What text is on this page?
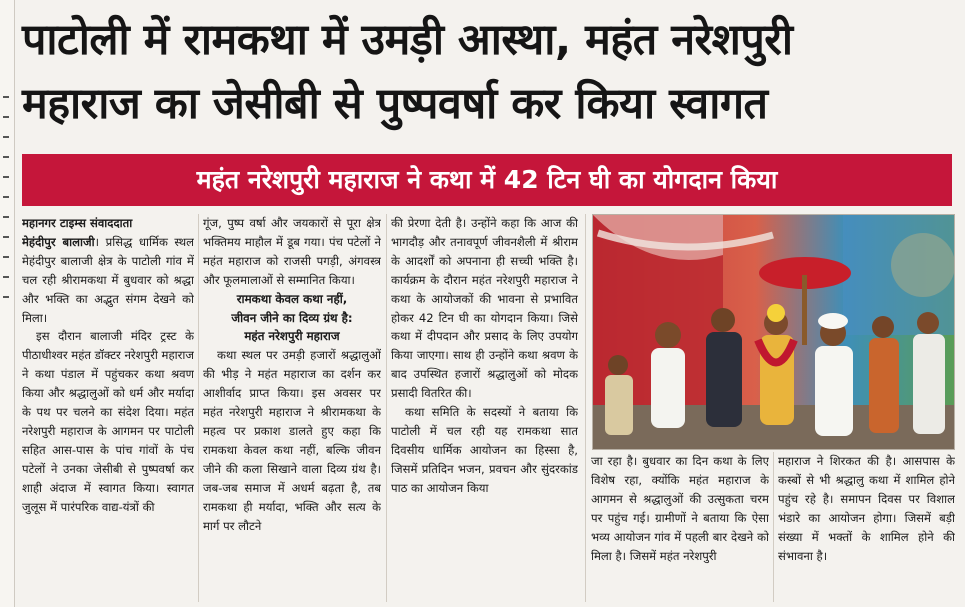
पाटोली में रामकथा में उमड़ी आस्था, महंत नरेशपुरी
महाराज का जेसीबी से पुष्पवर्षा कर किया स्वागत
महंत नरेशपुरी महाराज ने कथा में 42 टिन घी का योगदान किया

महानगर टाइम्स संवाददाता
मेहंदीपुर बालाजी। प्रसिद्ध धार्मिक स्थल मेहंदीपुर बालाजी क्षेत्र के पाटोली गांव में चल रही श्रीरामकथा में बुधवार को श्रद्धा और भक्ति का अद्भुत संगम देखने को मिला।

इस दौरान बालाजी मंदिर ट्रस्ट के पीठाधीश्वर महंत डॉक्टर नरेशपुरी महाराज ने कथा पंडाल में पहुंचकर कथा श्रवण किया और श्रद्धालुओं को धर्म और मर्यादा के पथ पर चलने का संदेश दिया। महंत नरेशपुरी महाराज के आगमन पर पाटोली सहित आस-पास के पांच गांवों के पंच पटेलों ने उनका जेसीबी से पुष्पवर्षा कर शाही अंदाज में स्वागत किया। स्वागत जुलूस में पारंपरिक वाद्य-यंत्रों की

गूंज, पुष्प वर्षा और जयकारों से पूरा क्षेत्र भक्तिमय माहौल में डूब गया। पंच पटेलों ने महंत महाराज को राजसी पगड़ी, अंगवस्त्र और फूलमालाओं से सम्मानित किया।

रामकथा केवल कथा नहीं,
जीवन जीने का दिव्य ग्रंथ है:
महंत नरेशपुरी महाराज

कथा स्थल पर उमड़ी हजारों श्रद्धालुओं की भीड़ ने महंत महाराज का दर्शन कर आशीर्वाद प्राप्त किया। इस अवसर पर महंत नरेशपुरी महाराज ने श्रीरामकथा के महत्व पर प्रकाश डालते हुए कहा कि रामकथा केवल कथा नहीं, बल्कि जीवन जीने की कला सिखाने वाला दिव्य ग्रंथ है। जब-जब समाज में अधर्म बढ़ता है, तब रामकथा ही मर्यादा, भक्ति और सत्य के मार्ग पर लौटने

की प्रेरणा देती है। उन्होंने कहा कि आज की भागदौड़ और तनावपूर्ण जीवनशैली में श्रीराम के आदर्शों को अपनाना ही सच्ची भक्ति है। कार्यक्रम के दौरान महंत नरेशपुरी महाराज ने कथा के आयोजकों की भावना से प्रभावित होकर 42 टिन घी का योगदान किया। जिसे कथा में दीपदान और प्रसाद के लिए उपयोग किया जाएगा। साथ ही उन्होंने कथा श्रवण के बाद उपस्थित हजारों श्रद्धालुओं को मोदक प्रसादी वितरित की।

कथा समिति के सदस्यों ने बताया कि पाटोली में चल रही यह रामकथा सात दिवसीय धार्मिक आयोजन का हिस्सा है, जिसमें प्रतिदिन भजन, प्रवचन और सुंदरकांड पाठ का आयोजन किया

जा रहा है। बुधवार का दिन कथा के लिए विशेष रहा, क्योंकि महंत महाराज के आगमन से श्रद्धालुओं की उत्सुकता चरम पर पहुंच गई। ग्रामीणों ने बताया कि ऐसा भव्य आयोजन गांव में पहली बार देखने को मिला है। जिसमें महंत नरेशपुरी

महाराज ने शिरकत की है। आसपास के कस्बों से भी श्रद्धालु कथा में शामिल होने पहुंच रहे है। समापन दिवस पर विशाल भंडारे का आयोजन होगा। जिसमें बड़ी संख्या में भक्तों के शामिल होने की संभावना है।
